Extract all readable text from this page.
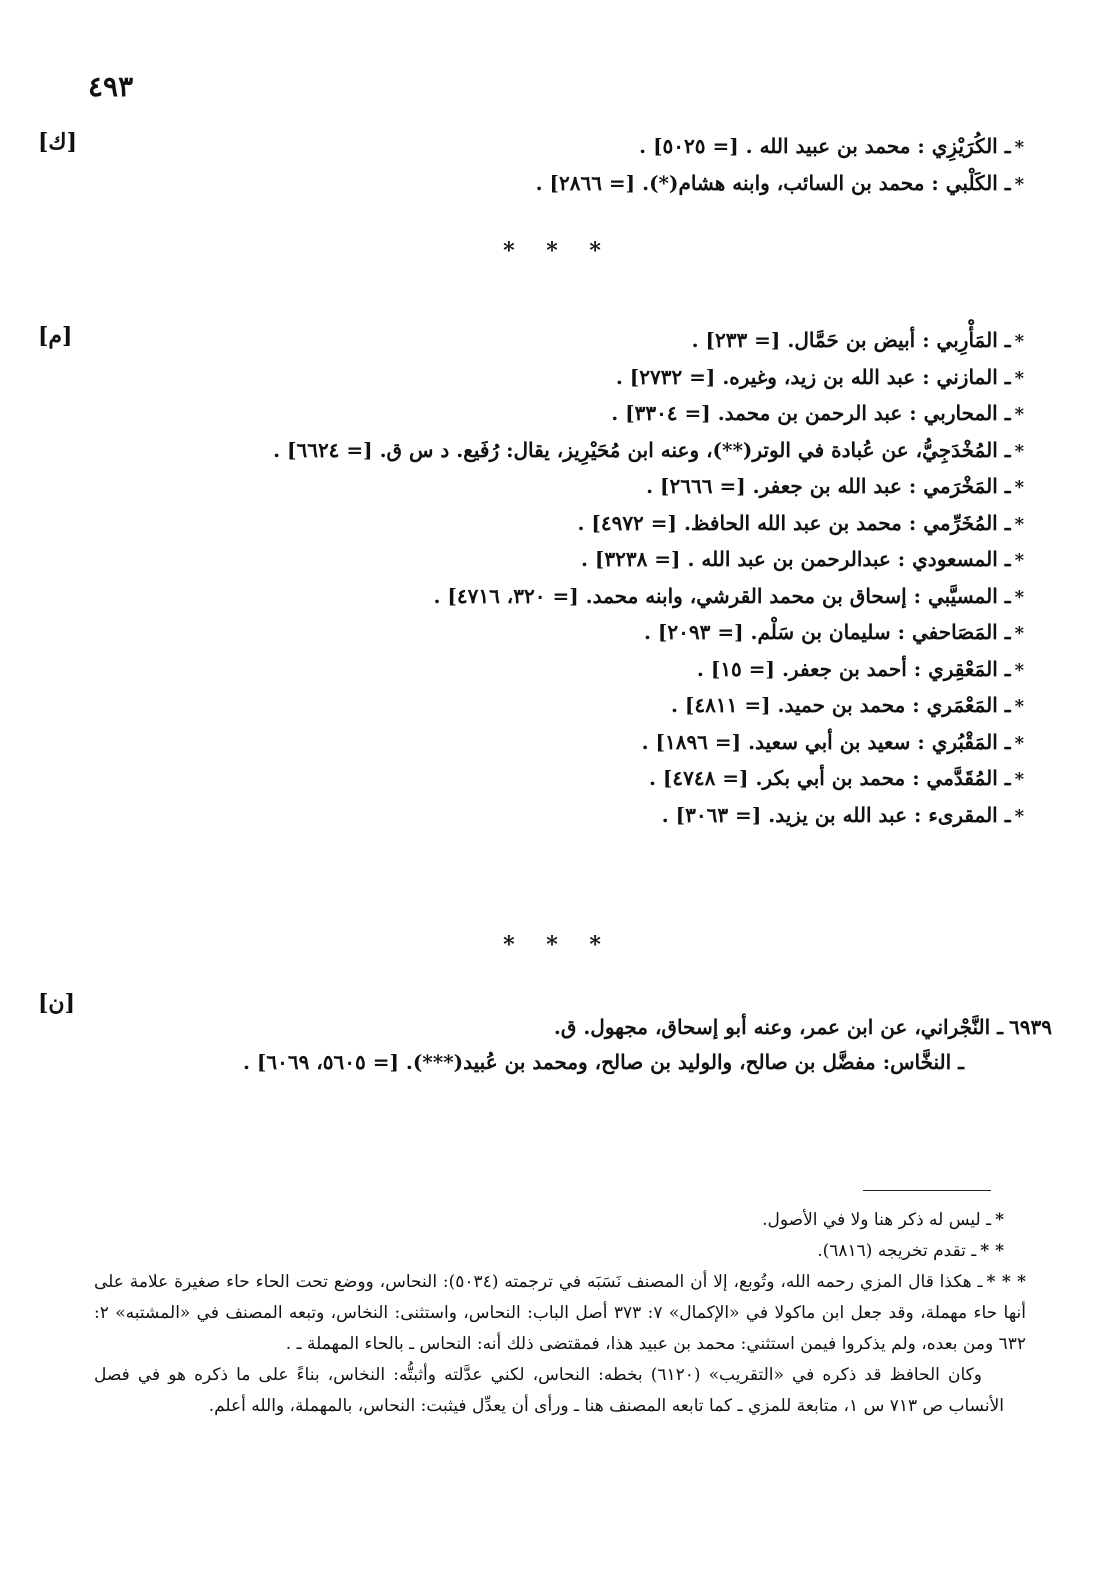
٤٩٣
[ك]	*ـ الكُرَيْزِي : محمد بن عبيد الله . [= ٥٠٢٥] .
*ـ الكَلْبي : محمد بن السائب، وابنه هشام(*). [= ٢٨٦٦] .
* * *
[م]	*ـ المَأْرِبي : أبيض بن حَمَّال. [= ٢٣٣] .
*ـ المازني : عبد الله بن زيد، وغيره. [= ٢٧٣٢] .
*ـ المحاربي : عبد الرحمن بن محمد. [= ٣٣٠٤] .
*ـ المُخْدَجِيُّ، عن عُبادة في الوتر(**)، وعنه ابن مُحَيْرِيز، يقال: رُفَيع. د س ق. [= ٦٦٢٤] .
*ـ المَخْرَمي : عبد الله بن جعفر. [= ٢٦٦٦] .
*ـ المُخَرِّمي : محمد بن عبد الله الحافظ. [= ٤٩٧٢] .
*ـ المسعودي : عبدالرحمن بن عبد الله . [= ٣٢٣٨] .
*ـ المسيَّبي : إسحاق بن محمد القرشي، وابنه محمد. [= ٣٢٠، ٤٧١٦] .
*ـ المَصَاحفي : سليمان بن سَلْم. [= ٢٠٩٣] .
*ـ المَعْقِري : أحمد بن جعفر. [= ١٥] .
*ـ المَعْمَري : محمد بن حميد. [= ٤٨١١] .
*ـ المَقْبُري : سعيد بن أبي سعيد. [= ١٨٩٦] .
*ـ المُقَدَّمي : محمد بن أبي بكر. [= ٤٧٤٨] .
*ـ المقرىء : عبد الله بن يزيد. [= ٣٠٦٣] .
* * *
[ن]
٦٩٣٩ـ النَّجْراني، عن ابن عمر، وعنه أبو إسحاق، مجهول. ق.
ـ النخَّاس: مفضَّل بن صالح، والوليد بن صالح، ومحمد بن عُبيد(***). [= ٥٦٠٥، ٦٠٦٩] .

*ـ ليس له ذكر هنا ولا في الأصول.

* *ـ تقدم تخريجه (٦٨١٦).

* * *ـ هكذا قال المزي رحمه الله، وتُوبع، إلا أن المصنف نَسَبَه في ترجمته (٥٠٣٤): النحاس، ووضع تحت الحاء حاء صغيرة علامة على أنها حاء مهملة، وقد جعل ابن ماكولا في «الإكمال» ٧: ٣٧٣ أصل الباب: النحاس، واستثنى: النخاس، وتبعه المصنف في «المشتبه» ٢: ٦٣٢ ومن بعده، ولم يذكروا فيمن استثني: محمد بن عبيد هذا، فمقتضى ذلك أنه: النحاس ـ بالحاء المهملة ـ .

وكان الحافظ قد ذكره في «التقريب» (٦١٢٠) بخطه: النحاس، لكني عدَّلته وأثبتُّه: النخاس، بناءً على ما ذكره هو في فصل الأنساب ص ٧١٣ س ١، متابعة للمزي ـ كما تابعه المصنف هنا ـ ورأى أن يعدِّل فيثبت: النحاس، بالمهملة، والله أعلم.
